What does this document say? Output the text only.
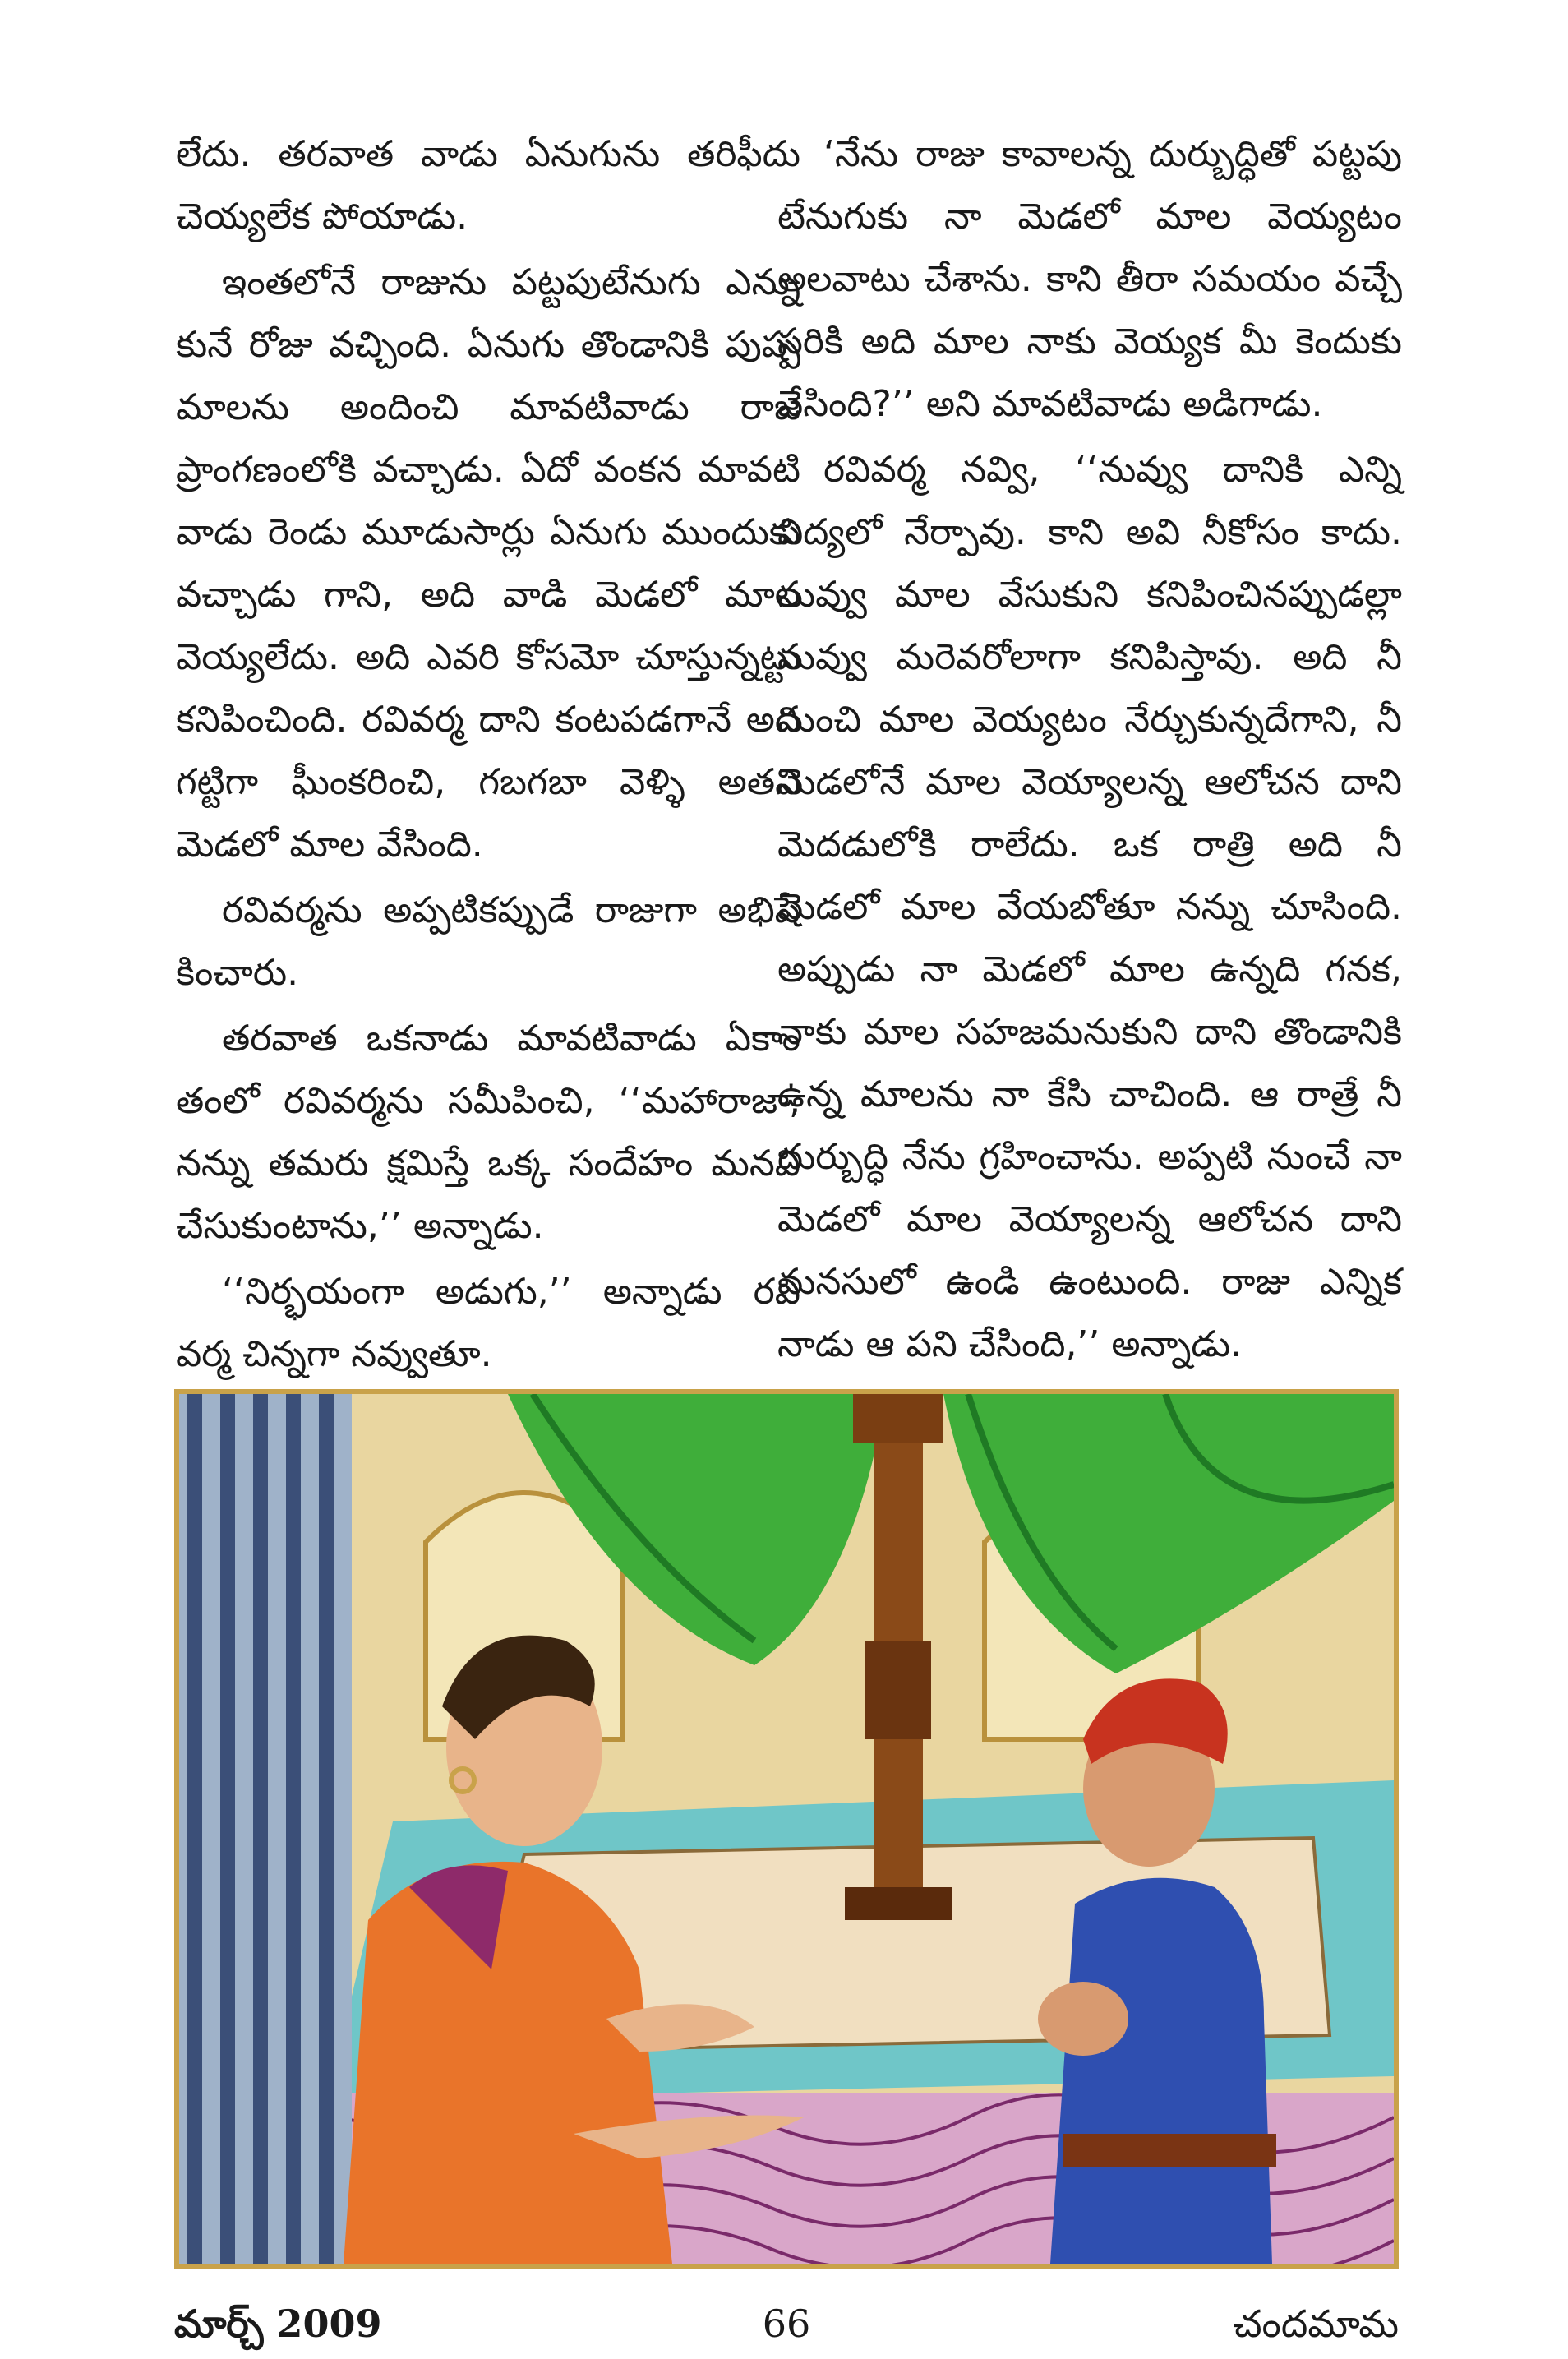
లేదు. తరవాత వాడు ఏనుగును తరిఫీదు చెయ్యలేక పోయాడు.

ఇంతలోనే రాజును పట్టపుటేనుగు ఎన్ను కునే రోజు వచ్చింది. ఏనుగు తొండానికి పుష్ప మాలను అందించి మావటివాడు రాజ ప్రాంగణంలోకి వచ్చాడు. ఏదో వంకన మావటి వాడు రెండు మూడుసార్లు ఏనుగు ముందుకు వచ్చాడు గాని, అది వాడి మెడలో మాల వెయ్యలేదు. అది ఎవరి కోసమో చూస్తున్నట్టు కనిపించింది. రవివర్మ దాని కంటపడగానే అది గట్టిగా ఘీంకరించి, గబగబా వెళ్ళి అతని మెడలో మాల వేసింది.

రవివర్మను అప్పటికప్పుడే రాజుగా అభిషే కించారు.

తరవాత ఒకనాడు మావటివాడు ఏకాం తంలో రవివర్మను సమీపించి, ‘‘మహారాజా, నన్ను తమరు క్షమిస్తే ఒక్క సందేహం మనవి చేసుకుంటాను,’’ అన్నాడు.

‘‘నిర్భయంగా అడుగు,’’ అన్నాడు రవి వర్మ చిన్నగా నవ్వుతూ.

‘నేను రాజు కావాలన్న దుర్బుద్ధితో పట్టపు టేనుగుకు నా మెడలో మాల వెయ్యటం అలవాటు చేశాను. కాని తీరా సమయం వచ్చే సరికి అది మాల నాకు వెయ్యక మీ కెందుకు వేసింది?’’ అని మావటివాడు అడిగాడు.

రవివర్మ నవ్వి, ‘‘నువ్వు దానికి ఎన్ని విద్యలో నేర్పావు. కాని అవి నీకోసం కాదు. నువ్వు మాల వేసుకుని కనిపించినప్పుడల్లా నువ్వు మరెవరోలాగా కనిపిస్తావు. అది నీ నుంచి మాల వెయ్యటం నేర్చుకున్నదేగాని, నీ మెడలోనే మాల వెయ్యాలన్న ఆలోచన దాని మెదడులోకి రాలేదు. ఒక రాత్రి అది నీ మెడలో మాల వేయబోతూ నన్ను చూసింది. అప్పుడు నా మెడలో మాల ఉన్నది గనక, నాకు మాల సహజమనుకుని దాని తొండానికి ఉన్న మాలను నా కేసి చాచింది. ఆ రాత్రే నీ దుర్బుద్ధి నేను గ్రహించాను. అప్పటి నుంచే నా మెడలో మాల వెయ్యాలన్న ఆలోచన దాని మనసులో ఉండి ఉంటుంది. రాజు ఎన్నిక నాడు ఆ పని చేసింది,’’ అన్నాడు.

మార్చ్ 2009	66	చందమామ
